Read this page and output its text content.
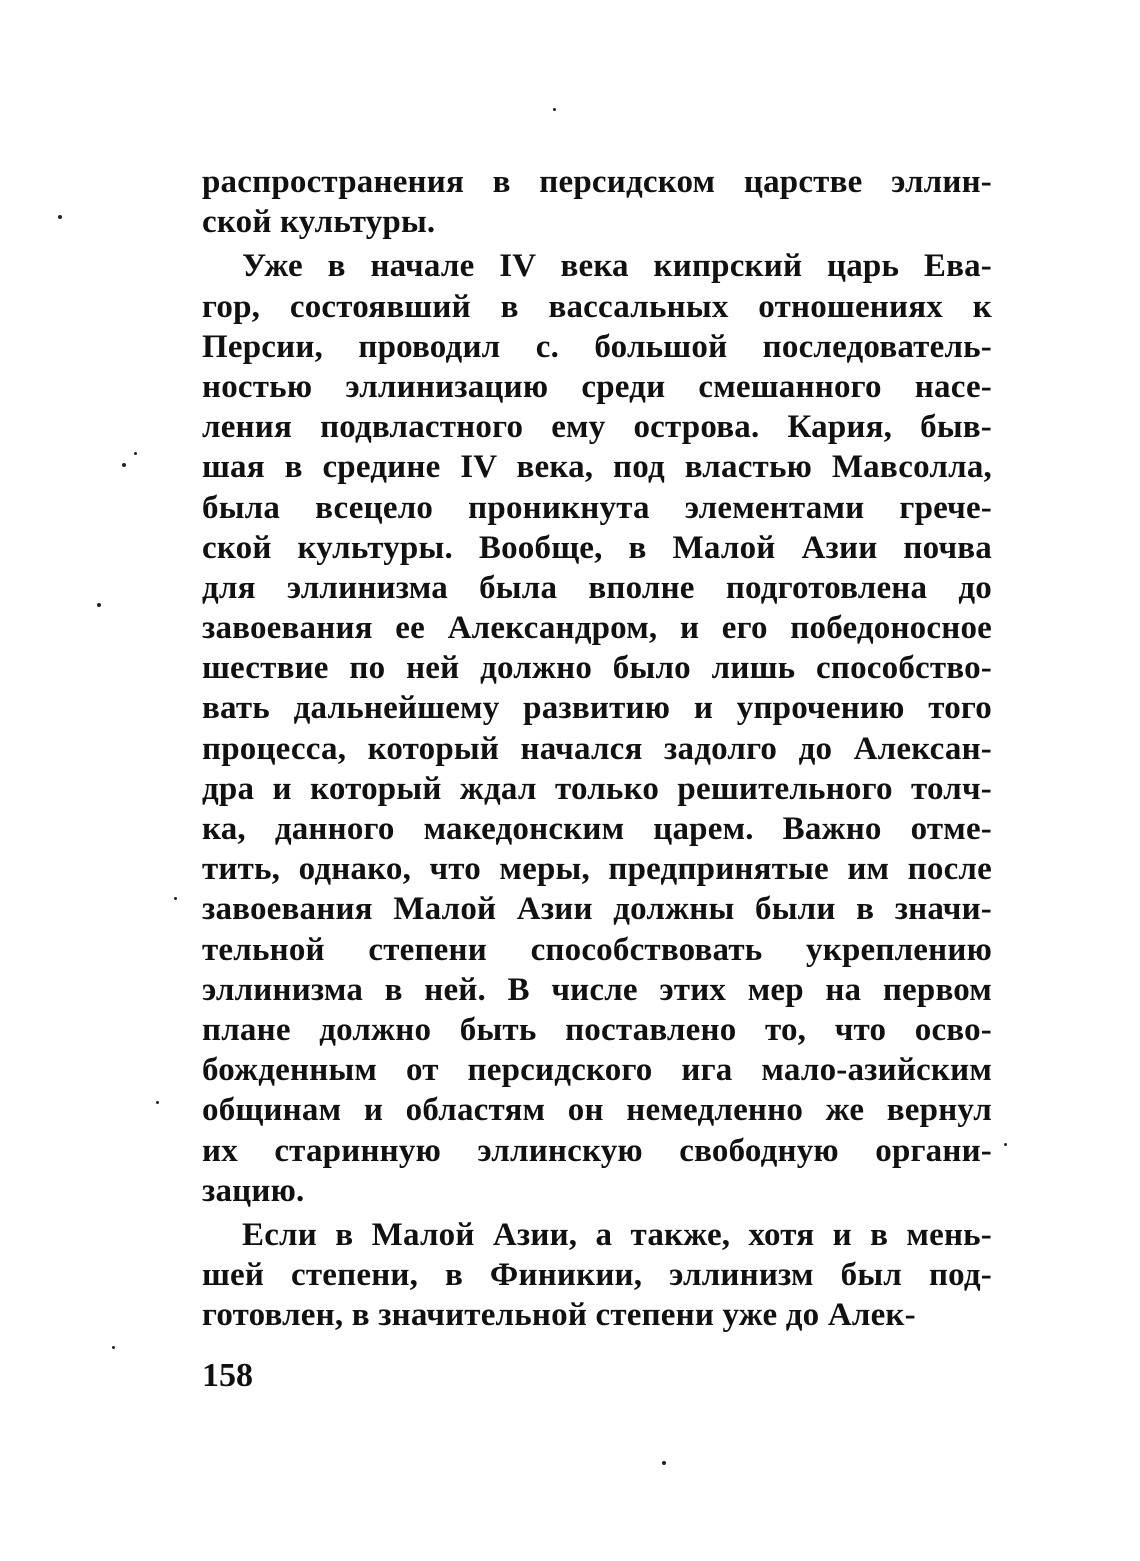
распространения в персидском царстве эллин-
ской культуры.
Уже в начале IV века кипрский царь Ева-
гор, состоявший в вассальных отношениях к
Персии, проводил с. большой последователь-
ностью эллинизацию среди смешанного насе-
ления подвластного ему острова. Кария, быв-
шая в средине IV века, под властью Мавсолла,
была всецело проникнута элементами грече-
ской культуры. Вообще, в Малой Азии почва
для эллинизма была вполне подготовлена до
завоевания ее Александром, и его победоносное
шествие по ней должно было лишь способство-
вать дальнейшему развитию и упрочению того
процесса, который начался задолго до Алексан-
дра и который ждал только решительного толч-
ка, данного македонским царем. Важно отме-
тить, однако, что меры, предпринятые им после
завоевания Малой Азии должны были в значи-
тельной степени способствовать укреплению
эллинизма в ней. В числе этих мер на первом
плане должно быть поставлено то, что осво-
божденным от персидского ига мало-азийским
общинам и областям он немедленно же вернул
их старинную эллинскую свободную органи-
зацию.
Если в Малой Азии, а также, хотя и в мень-
шей степени, в Финикии, эллинизм был под-
готовлен, в значительной степени уже до Алек-
158
